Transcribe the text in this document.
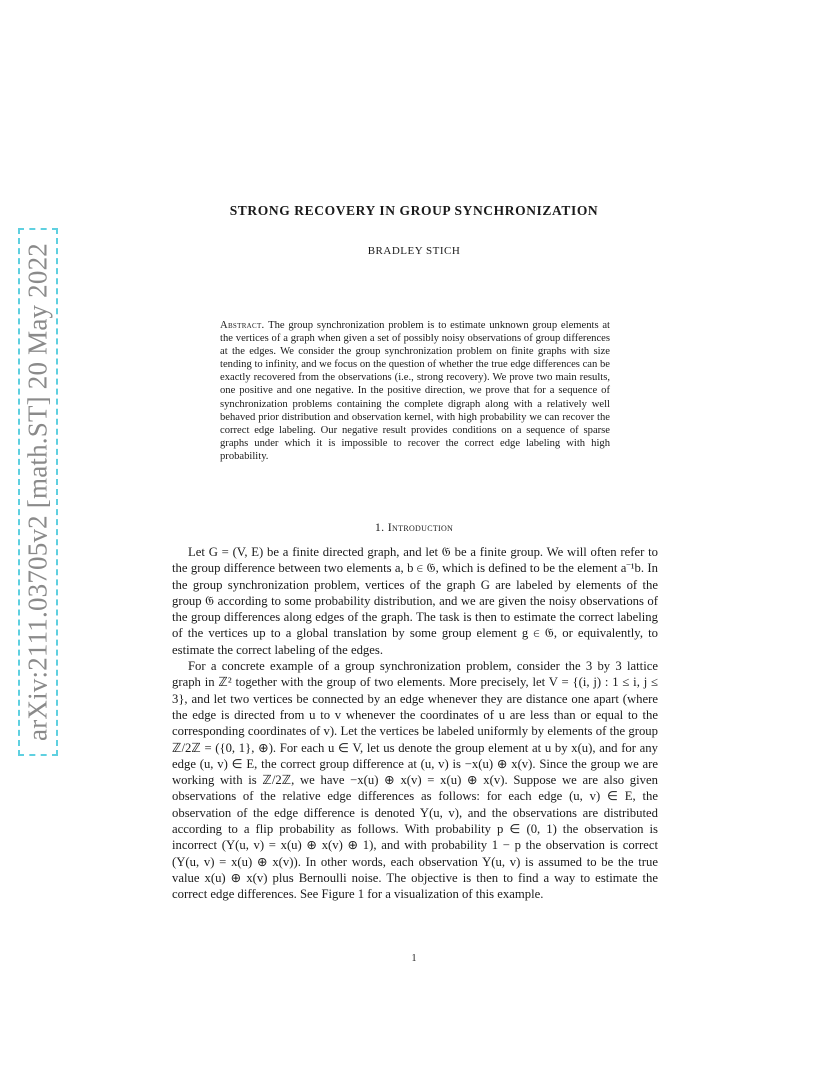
arXiv:2111.03705v2 [math.ST] 20 May 2022
STRONG RECOVERY IN GROUP SYNCHRONIZATION
BRADLEY STICH
Abstract. The group synchronization problem is to estimate unknown group elements at the vertices of a graph when given a set of possibly noisy observations of group differences at the edges. We consider the group synchronization problem on finite graphs with size tending to infinity, and we focus on the question of whether the true edge differences can be exactly recovered from the observations (i.e., strong recovery). We prove two main results, one positive and one negative. In the positive direction, we prove that for a sequence of synchronization problems containing the complete digraph along with a relatively well behaved prior distribution and observation kernel, with high probability we can recover the correct edge labeling. Our negative result provides conditions on a sequence of sparse graphs under which it is impossible to recover the correct edge labeling with high probability.
1. Introduction

Let G = (V, E) be a finite directed graph, and let 𝔊 be a finite group. We will often refer to the group difference between two elements a, b ∈ 𝔊, which is defined to be the element a⁻¹b. In the group synchronization problem, vertices of the graph G are labeled by elements of the group 𝔊 according to some probability distribution, and we are given the noisy observations of the group differences along edges of the graph. The task is then to estimate the correct labeling of the vertices up to a global translation by some group element g ∈ 𝔊, or equivalently, to estimate the correct labeling of the edges.

For a concrete example of a group synchronization problem, consider the 3 by 3 lattice graph in ℤ² together with the group of two elements. More precisely, let V = {(i, j) : 1 ≤ i, j ≤ 3}, and let two vertices be connected by an edge whenever they are distance one apart (where the edge is directed from u to v whenever the coordinates of u are less than or equal to the corresponding coordinates of v). Let the vertices be labeled uniformly by elements of the group ℤ/2ℤ = ({0, 1}, ⊕). For each u ∈ V, let us denote the group element at u by x(u), and for any edge (u, v) ∈ E, the correct group difference at (u, v) is −x(u) ⊕ x(v). Since the group we are working with is ℤ/2ℤ, we have −x(u) ⊕ x(v) = x(u) ⊕ x(v). Suppose we are also given observations of the relative edge differences as follows: for each edge (u, v) ∈ E, the observation of the edge difference is denoted Y(u, v), and the observations are distributed according to a flip probability as follows. With probability p ∈ (0, 1) the observation is incorrect (Y(u, v) = x(u) ⊕ x(v) ⊕ 1), and with probability 1 − p the observation is correct (Y(u, v) = x(u) ⊕ x(v)). In other words, each observation Y(u, v) is assumed to be the true value x(u) ⊕ x(v) plus Bernoulli noise. The objective is then to find a way to estimate the correct edge differences. See Figure 1 for a visualization of this example.

1
